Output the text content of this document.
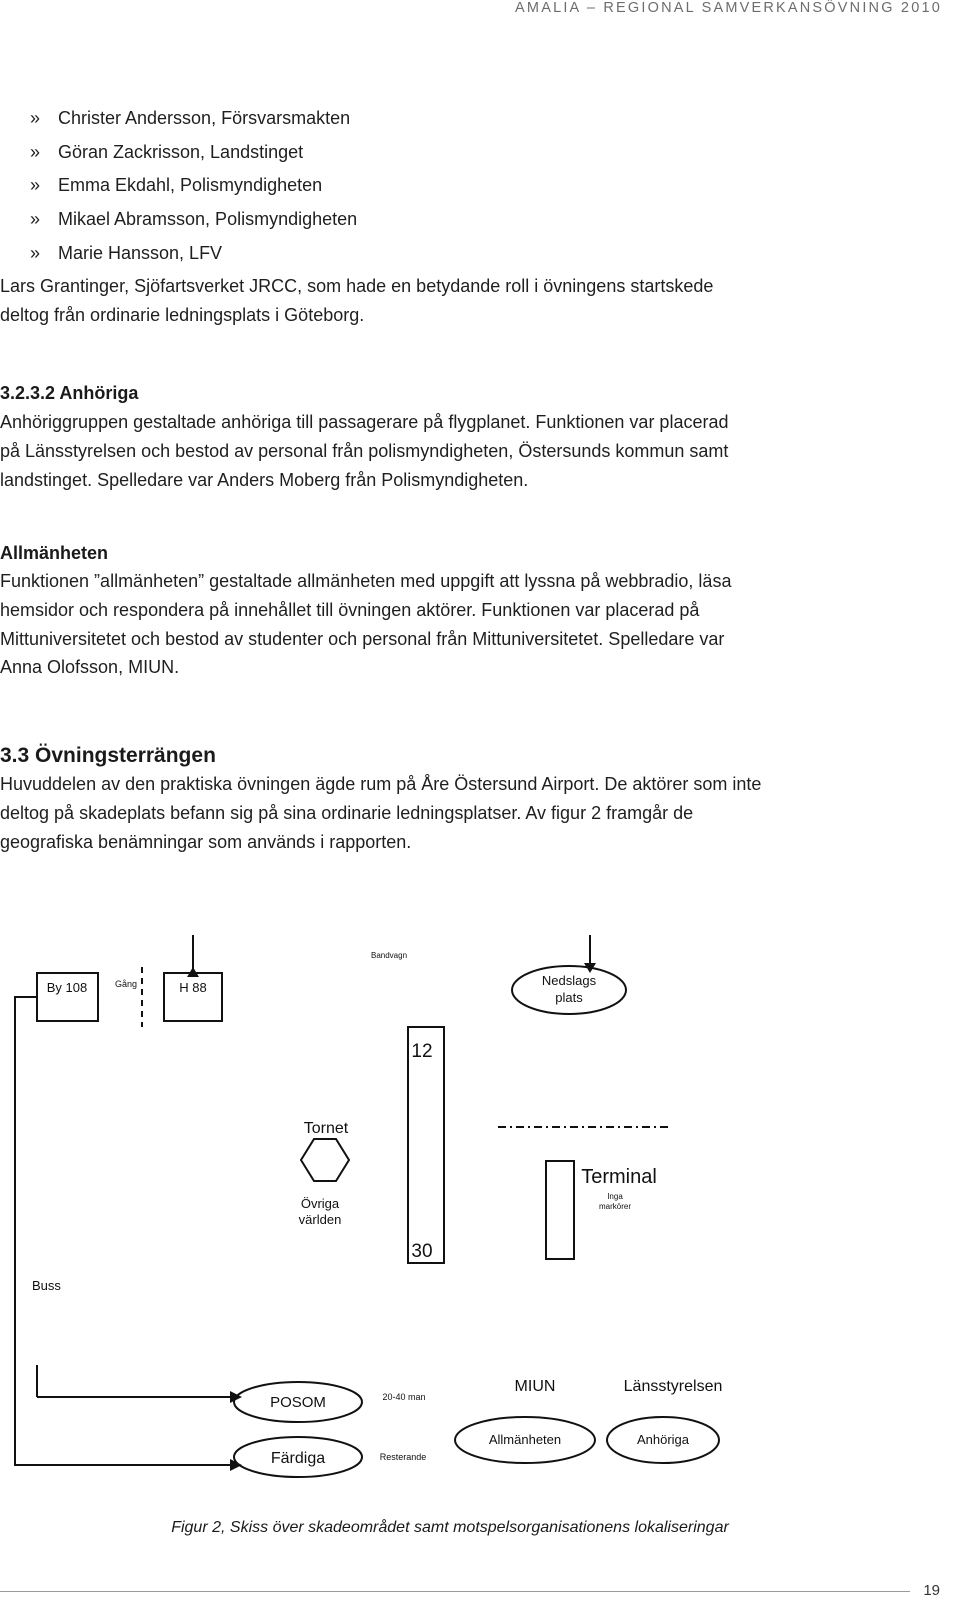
AMALIA – REGIONAL SAMVERKANSÖVNING 2010
» Christer Andersson, Försvarsmakten
» Göran Zackrisson, Landstinget
» Emma Ekdahl, Polismyndigheten
» Mikael Abramsson, Polismyndigheten
» Marie Hansson, LFV

Lars Grantinger, Sjöfartsverket JRCC, som hade en betydande roll i övningens startskede deltog från ordinarie ledningsplats i Göteborg.

3.2.3.2 Anhöriga

Anhöriggruppen gestaltade anhöriga till passagerare på flygplanet. Funktionen var placerad på Länsstyrelsen och bestod av personal från polismyndigheten, Östersunds kommun samt landstinget. Spelledare var Anders Moberg från Polismyndigheten.

Allmänheten

Funktionen ”allmänheten” gestaltade allmänheten med uppgift att lyssna på webbradio, läsa hemsidor och respondera på innehållet till övningen aktörer. Funktionen var placerad på Mittuniversitetet och bestod av studenter och personal från Mittuniversitetet. Spelledare var Anna Olofsson, MIUN.

3.3 Övningsterrängen

Huvuddelen av den praktiska övningen ägde rum på Åre Östersund Airport. De aktörer som inte deltog på skadeplats befann sig på sina ordinarie ledningsplatser. Av figur 2 framgår de geografiska benämningar som används i rapporten.

Bandvagn
By 108	Gång	H 88	Nedslags
plats
12
30
Tornet
Övriga
världen
Terminal
Inga
markörer
Buss
POSOM	20-40 man
MIUN	Länsstyrelsen
Färdiga	Resterande
Allmänheten	Anhöriga
Figur 2, Skiss över skadeområdet samt motspelsorganisationens lokaliseringar
19
